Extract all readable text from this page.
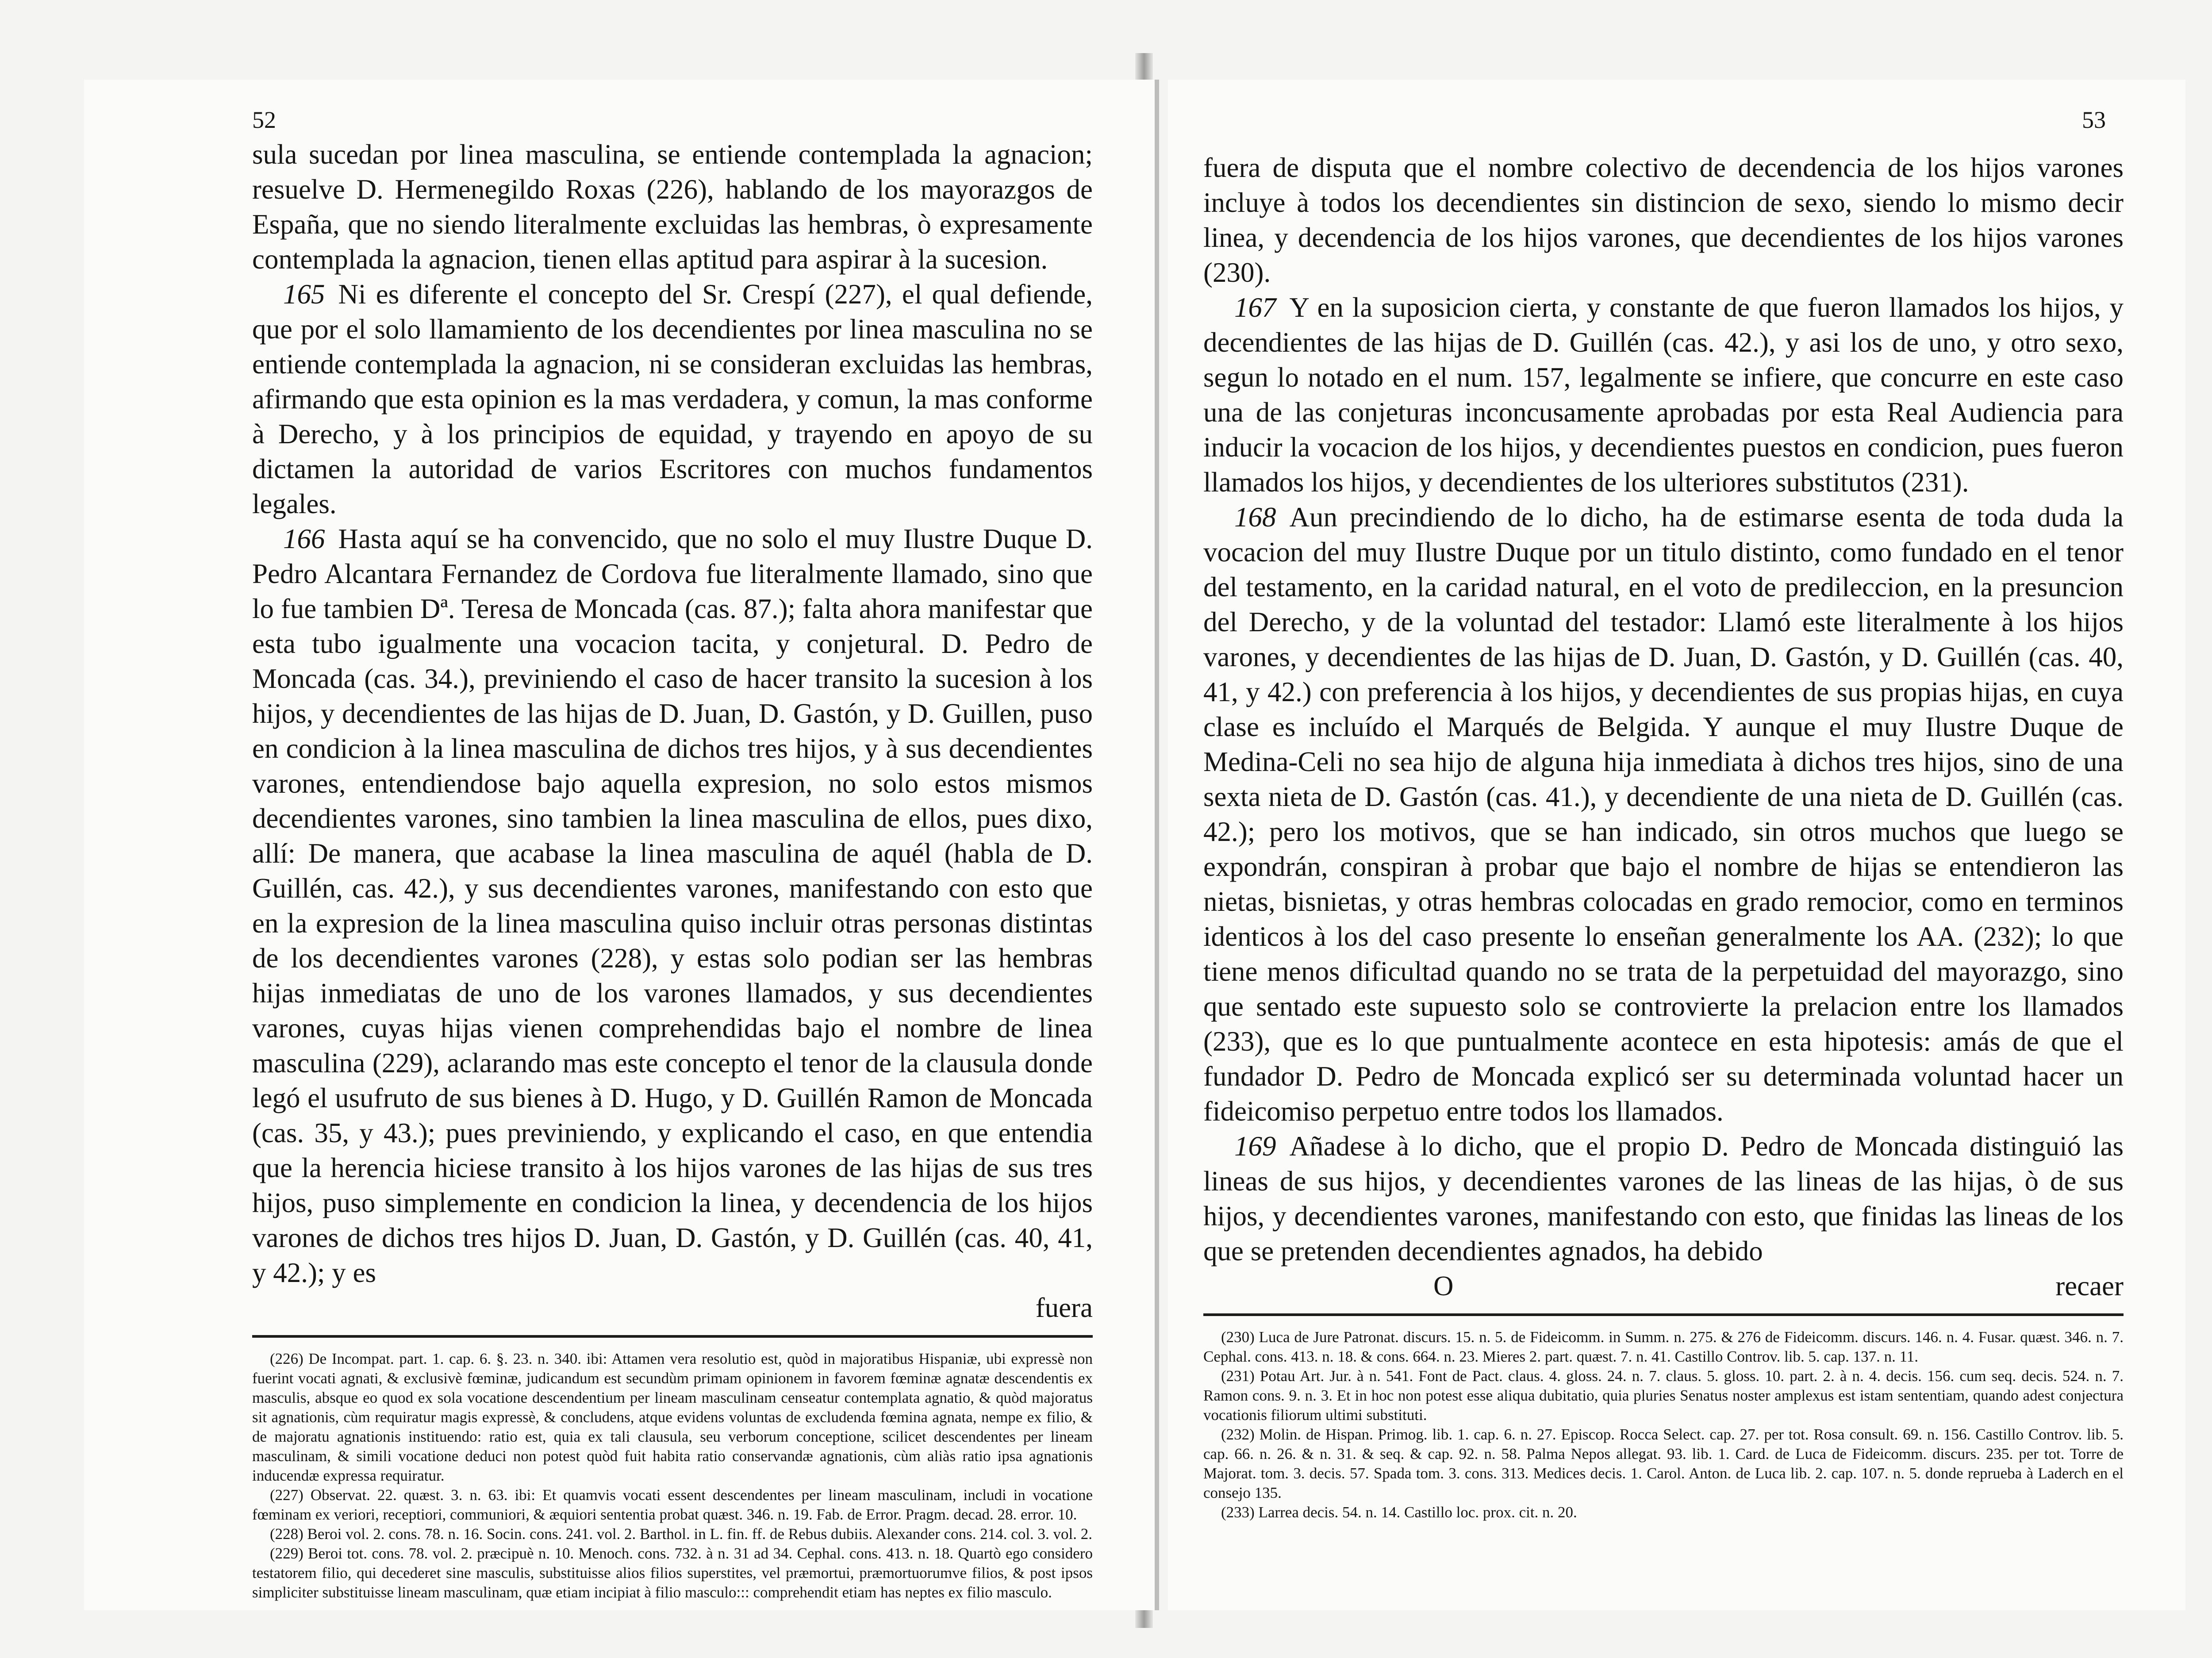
52

sula sucedan por linea masculina, se entiende contemplada la agnacion; resuelve D. Hermenegildo Roxas (226), hablando de los mayorazgos de España, que no siendo literalmente excluidas las hembras, ò expresamente contemplada la agnacion, tienen ellas aptitud para aspirar à la sucesion.

165 Ni es diferente el concepto del Sr. Crespí (227), el qual defiende, que por el solo llamamiento de los decendientes por linea masculina no se entiende contemplada la agnacion, ni se consideran excluidas las hembras, afirmando que esta opinion es la mas verdadera, y comun, la mas conforme à Derecho, y à los principios de equidad, y trayendo en apoyo de su dictamen la autoridad de varios Escritores con muchos fundamentos legales.

166 Hasta aquí se ha convencido, que no solo el muy Ilustre Duque D. Pedro Alcantara Fernandez de Cordova fue literalmente llamado, sino que lo fue tambien Dª. Teresa de Moncada (cas. 87.); falta ahora manifestar que esta tubo igualmente una vocacion tacita, y conjetural. D. Pedro de Moncada (cas. 34.), previniendo el caso de hacer transito la sucesion à los hijos, y decendientes de las hijas de D. Juan, D. Gastón, y D. Guillen, puso en condicion à la linea masculina de dichos tres hijos, y à sus decendientes varones, entendiendose bajo aquella expresion, no solo estos mismos decendientes varones, sino tambien la linea masculina de ellos, pues dixo, allí: De manera, que acabase la linea masculina de aquél (habla de D. Guillén, cas. 42.), y sus decendientes varones, manifestando con esto que en la expresion de la linea masculina quiso incluir otras personas distintas de los decendientes varones (228), y estas solo podian ser las hembras hijas inmediatas de uno de los varones llamados, y sus decendientes varones, cuyas hijas vienen comprehendidas bajo el nombre de linea masculina (229), aclarando mas este concepto el tenor de la clausula donde legó el usufruto de sus bienes à D. Hugo, y D. Guillén Ramon de Moncada (cas. 35, y 43.); pues previniendo, y explicando el caso, en que entendia que la herencia hiciese transito à los hijos varones de las hijas de sus tres hijos, puso simplemente en condicion la linea, y decendencia de los hijos varones de dichos tres hijos D. Juan, D. Gastón, y D. Guillén (cas. 40, 41, y 42.); y es

fuera

(226) De Incompat. part. 1. cap. 6. §. 23. n. 340. ibi: Attamen vera resolutio est, quòd in majoratibus Hispaniæ, ubi expressè non fuerint vocati agnati, & exclusivè fœminæ, judicandum est secundùm primam opinionem in favorem fœminæ agnatæ descendentis ex masculis, absque eo quod ex sola vocatione descendentium per lineam masculinam censeatur contemplata agnatio, & quòd majoratus sit agnationis, cùm requiratur magis expressè, & concludens, atque evidens voluntas de excludenda fœmina agnata, nempe ex filio, & de majoratu agnationis instituendo: ratio est, quia ex tali clausula, seu verborum conceptione, scilicet descendentes per lineam masculinam, & simili vocatione deduci non potest quòd fuit habita ratio conservandæ agnationis, cùm aliàs ratio ipsa agnationis inducendæ expressa requiratur.

(227) Observat. 22. quæst. 3. n. 63. ibi: Et quamvis vocati essent descendentes per lineam masculinam, includi in vocatione fœminam ex veriori, receptiori, communiori, & æquiori sententia probat quæst. 346. n. 19. Fab. de Error. Pragm. decad. 28. error. 10.

(228) Beroi vol. 2. cons. 78. n. 16. Socin. cons. 241. vol. 2. Barthol. in L. fin. ff. de Rebus dubiis. Alexander cons. 214. col. 3. vol. 2.

(229) Beroi tot. cons. 78. vol. 2. præcipuè n. 10. Menoch. cons. 732. à n. 31 ad 34. Cephal. cons. 413. n. 18. Quartò ego considero testatorem filio, qui decederet sine masculis, substituisse alios filios superstites, vel præmortui, præmortuorumve filios, & post ipsos simpliciter substituisse lineam masculinam, quæ etiam incipiat à filio masculo::: comprehendit etiam has neptes ex filio masculo.

53

fuera de disputa que el nombre colectivo de decendencia de los hijos varones incluye à todos los decendientes sin distincion de sexo, siendo lo mismo decir linea, y decendencia de los hijos varones, que decendientes de los hijos varones (230).

167 Y en la suposicion cierta, y constante de que fueron llamados los hijos, y decendientes de las hijas de D. Guillén (cas. 42.), y asi los de uno, y otro sexo, segun lo notado en el num. 157, legalmente se infiere, que concurre en este caso una de las conjeturas inconcusamente aprobadas por esta Real Audiencia para inducir la vocacion de los hijos, y decendientes puestos en condicion, pues fueron llamados los hijos, y decendientes de los ulteriores substitutos (231).

168 Aun precindiendo de lo dicho, ha de estimarse esenta de toda duda la vocacion del muy Ilustre Duque por un titulo distinto, como fundado en el tenor del testamento, en la caridad natural, en el voto de predileccion, en la presuncion del Derecho, y de la voluntad del testador: Llamó este literalmente à los hijos varones, y decendientes de las hijas de D. Juan, D. Gastón, y D. Guillén (cas. 40, 41, y 42.) con preferencia à los hijos, y decendientes de sus propias hijas, en cuya clase es incluído el Marqués de Belgida. Y aunque el muy Ilustre Duque de Medina-Celi no sea hijo de alguna hija inmediata à dichos tres hijos, sino de una sexta nieta de D. Gastón (cas. 41.), y decendiente de una nieta de D. Guillén (cas. 42.); pero los motivos, que se han indicado, sin otros muchos que luego se expondrán, conspiran à probar que bajo el nombre de hijas se entendieron las nietas, bisnietas, y otras hembras colocadas en grado remocior, como en terminos identicos à los del caso presente lo enseñan generalmente los AA. (232); lo que tiene menos dificultad quando no se trata de la perpetuidad del mayorazgo, sino que sentado este supuesto solo se controvierte la prelacion entre los llamados (233), que es lo que puntualmente acontece en esta hipotesis: amás de que el fundador D. Pedro de Moncada explicó ser su determinada voluntad hacer un fideicomiso perpetuo entre todos los llamados.

169 Añadese à lo dicho, que el propio D. Pedro de Moncada distinguió las lineas de sus hijos, y decendientes varones de las lineas de las hijas, ò de sus hijos, y decendientes varones, manifestando con esto, que finidas las lineas de los que se pretenden decendientes agnados, ha debido

O	recaer

(230) Luca de Jure Patronat. discurs. 15. n. 5. de Fideicomm. in Summ. n. 275. & 276 de Fideicomm. discurs. 146. n. 4. Fusar. quæst. 346. n. 7. Cephal. cons. 413. n. 18. & cons. 664. n. 23. Mieres 2. part. quæst. 7. n. 41. Castillo Controv. lib. 5. cap. 137. n. 11.

(231) Potau Art. Jur. à n. 541. Font de Pact. claus. 4. gloss. 24. n. 7. claus. 5. gloss. 10. part. 2. à n. 4. decis. 156. cum seq. decis. 524. n. 7. Ramon cons. 9. n. 3. Et in hoc non potest esse aliqua dubitatio, quia pluries Senatus noster amplexus est istam sententiam, quando adest conjectura vocationis filiorum ultimi substituti.

(232) Molin. de Hispan. Primog. lib. 1. cap. 6. n. 27. Episcop. Rocca Select. cap. 27. per tot. Rosa consult. 69. n. 156. Castillo Controv. lib. 5. cap. 66. n. 26. & n. 31. & seq. & cap. 92. n. 58. Palma Nepos allegat. 93. lib. 1. Card. de Luca de Fideicomm. discurs. 235. per tot. Torre de Majorat. tom. 3. decis. 57. Spada tom. 3. cons. 313. Medices decis. 1. Carol. Anton. de Luca lib. 2. cap. 107. n. 5. donde reprueba à Laderch en el consejo 135.

(233) Larrea decis. 54. n. 14. Castillo loc. prox. cit. n. 20.
